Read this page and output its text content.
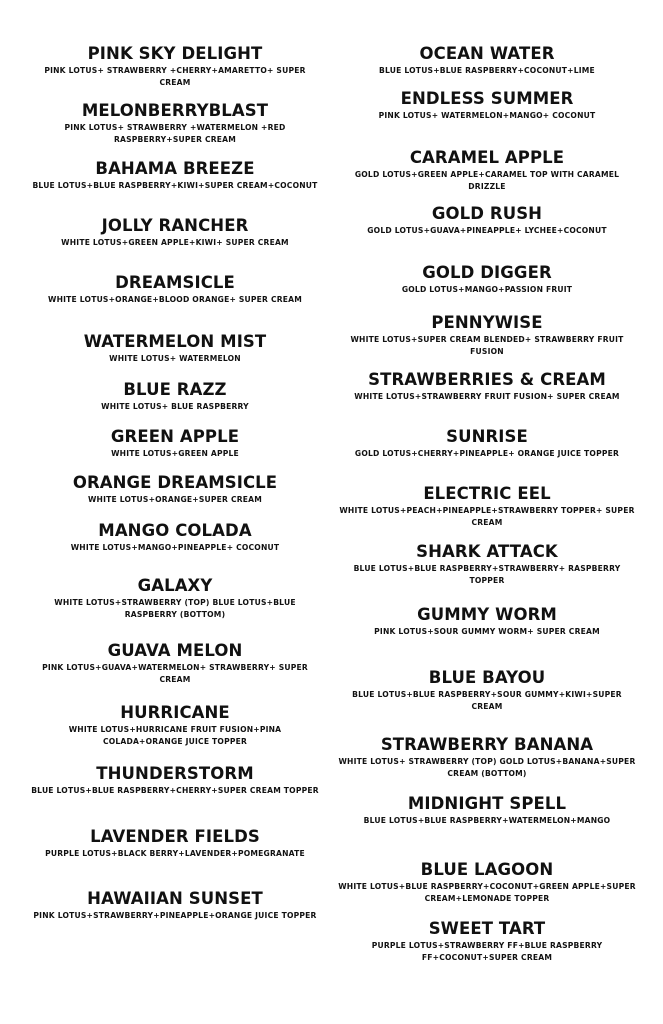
PINK SKY DELIGHT
PINK LOTUS+ STRAWBERRY +CHERRY+AMARETTO+ SUPER CREAM
MELONBERRYBLAST
PINK LOTUS+ STRAWBERRY +WATERMELON +RED RASPBERRY+SUPER CREAM
BAHAMA BREEZE
BLUE LOTUS+BLUE RASPBERRY+KIWI+SUPER CREAM+COCONUT
JOLLY RANCHER
WHITE LOTUS+GREEN APPLE+KIWI+ SUPER CREAM
DREAMSICLE
WHITE LOTUS+ORANGE+BLOOD ORANGE+ SUPER CREAM
WATERMELON MIST
WHITE LOTUS+ WATERMELON
BLUE RAZZ
WHITE LOTUS+ BLUE RASPBERRY
GREEN APPLE
WHITE LOTUS+GREEN APPLE
ORANGE DREAMSICLE
WHITE LOTUS+ORANGE+SUPER CREAM
MANGO COLADA
WHITE LOTUS+MANGO+PINEAPPLE+ COCONUT
GALAXY
WHITE LOTUS+STRAWBERRY (TOP) BLUE LOTUS+BLUE RASPBERRY (BOTTOM)
GUAVA MELON
PINK LOTUS+GUAVA+WATERMELON+ STRAWBERRY+ SUPER CREAM
HURRICANE
WHITE LOTUS+HURRICANE FRUIT FUSION+PINA COLADA+ORANGE JUICE TOPPER
THUNDERSTORM
BLUE LOTUS+BLUE RASPBERRY+CHERRY+SUPER CREAM TOPPER
LAVENDER FIELDS
PURPLE LOTUS+BLACK BERRY+LAVENDER+POMEGRANATE
HAWAIIAN SUNSET
PINK LOTUS+STRAWBERRY+PINEAPPLE+ORANGE JUICE TOPPER
OCEAN WATER
BLUE LOTUS+BLUE RASPBERRY+COCONUT+LIME
ENDLESS SUMMER
PINK LOTUS+ WATERMELON+MANGO+ COCONUT
CARAMEL APPLE
GOLD LOTUS+GREEN APPLE+CARAMEL TOP WITH CARAMEL DRIZZLE
GOLD RUSH
GOLD LOTUS+GUAVA+PINEAPPLE+ LYCHEE+COCONUT
GOLD DIGGER
GOLD LOTUS+MANGO+PASSION FRUIT
PENNYWISE
WHITE LOTUS+SUPER CREAM BLENDED+ STRAWBERRY FRUIT FUSION
STRAWBERRIES & CREAM
WHITE LOTUS+STRAWBERRY FRUIT FUSION+ SUPER CREAM
SUNRISE
GOLD LOTUS+CHERRY+PINEAPPLE+ ORANGE JUICE TOPPER
ELECTRIC EEL
WHITE LOTUS+PEACH+PINEAPPLE+STRAWBERRY TOPPER+ SUPER CREAM
SHARK ATTACK
BLUE LOTUS+BLUE RASPBERRY+STRAWBERRY+ RASPBERRY TOPPER
GUMMY WORM
PINK LOTUS+SOUR GUMMY WORM+ SUPER CREAM
BLUE BAYOU
BLUE LOTUS+BLUE RASPBERRY+SOUR GUMMY+KIWI+SUPER CREAM
STRAWBERRY BANANA
WHITE LOTUS+ STRAWBERRY (TOP) GOLD LOTUS+BANANA+SUPER CREAM (BOTTOM)
MIDNIGHT SPELL
BLUE LOTUS+BLUE RASPBERRY+WATERMELON+MANGO
BLUE LAGOON
WHITE LOTUS+BLUE RASPBERRY+COCONUT+GREEN APPLE+SUPER CREAM+LEMONADE TOPPER
SWEET TART
PURPLE LOTUS+STRAWBERRY FF+BLUE RASPBERRY FF+COCONUT+SUPER CREAM
